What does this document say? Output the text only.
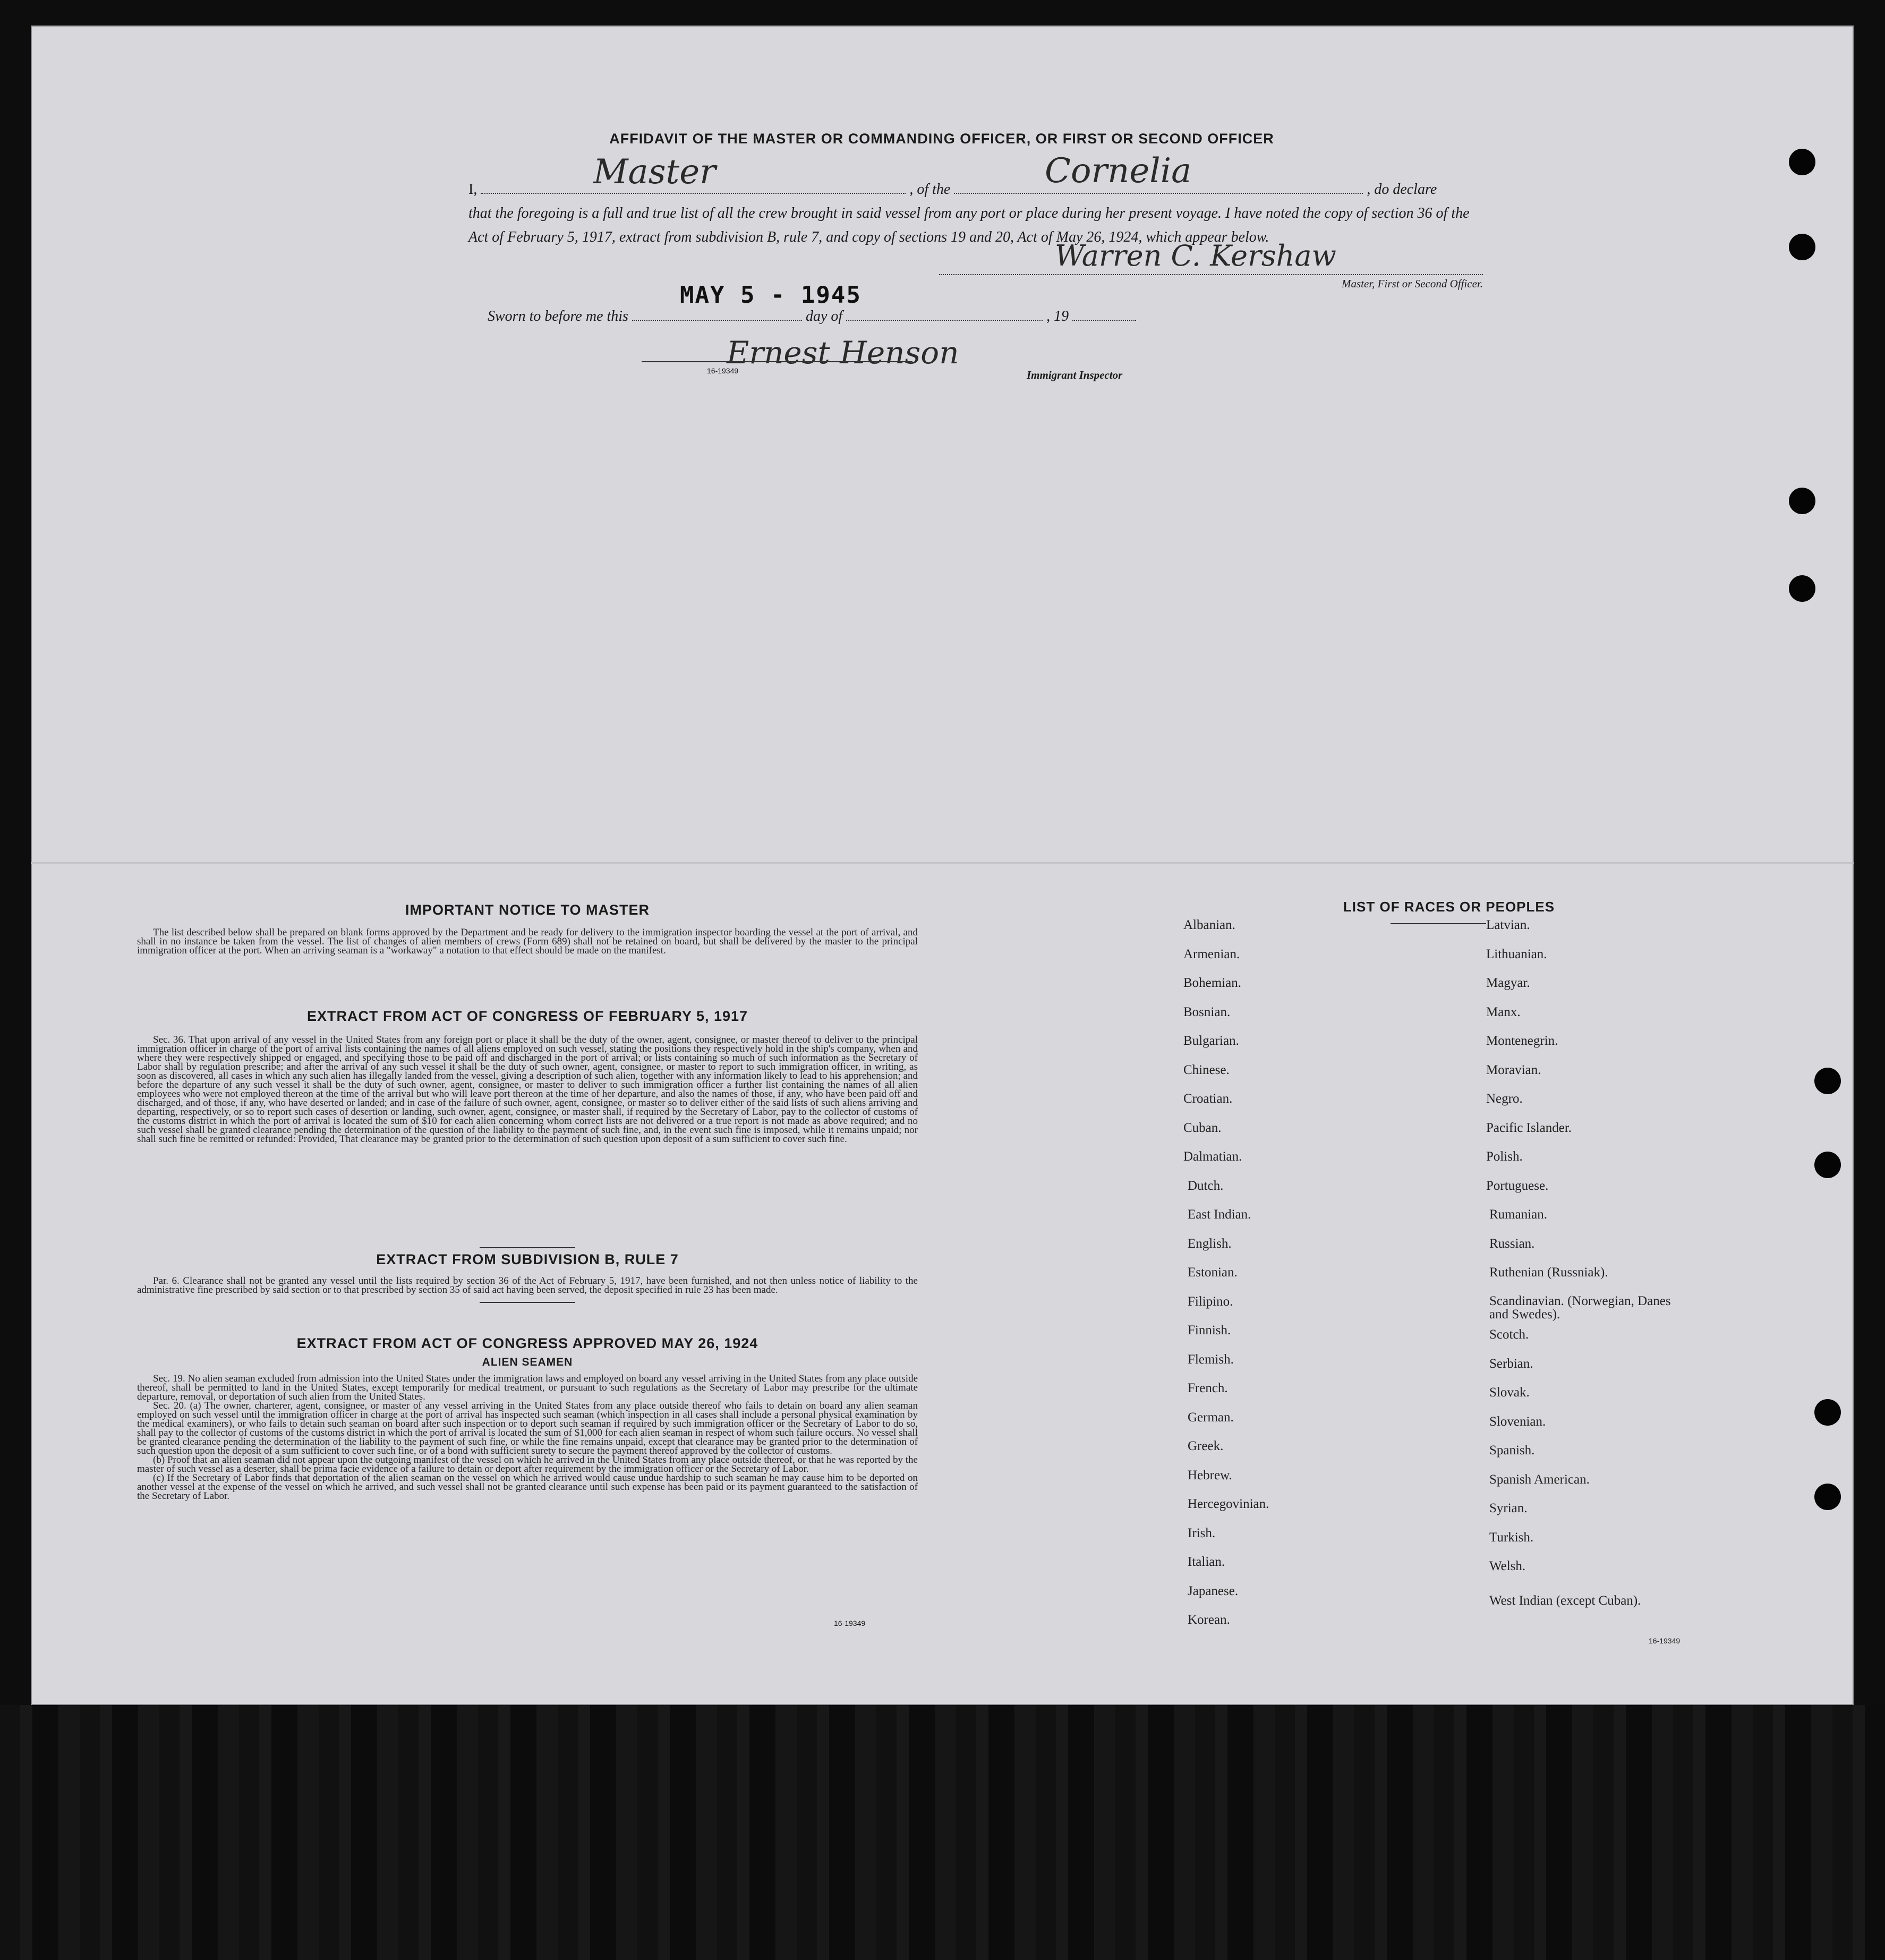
AFFIDAVIT OF THE MASTER OR COMMANDING OFFICER, OR FIRST OR SECOND OFFICER
I,	, of the	, do declare
Master	Cornelia
that the foregoing is a full and true list of all the crew brought in said vessel from any port or place during her present voyage. I have noted the copy of section 36 of the Act of February 5, 1917, extract from subdivision B, rule 7, and copy of sections 19 and 20, Act of May 26, 1924, which appear below.
Warren C. Kershaw
Master, First or Second Officer.
MAY 5 - 1945
Sworn to before me this	day of	, 19
Ernest Henson
16-19349	Immigrant Inspector
IMPORTANT NOTICE TO MASTER
The list described below shall be prepared on blank forms approved by the Department and be ready for delivery to the immigration inspector boarding the vessel at the port of arrival, and shall in no instance be taken from the vessel. The list of changes of alien members of crews (Form 689) shall not be retained on board, but shall be delivered by the master to the principal immigration officer at the port. When an arriving seaman is a "workaway" a notation to that effect should be made on the manifest.
EXTRACT FROM ACT OF CONGRESS OF FEBRUARY 5, 1917
Sec. 36. That upon arrival of any vessel in the United States from any foreign port or place it shall be the duty of the owner, agent, consignee, or master thereof to deliver to the principal immigration officer in charge of the port of arrival lists containing the names of all aliens employed on such vessel, stating the positions they respectively hold in the ship's company, when and where they were respectively shipped or engaged, and specifying those to be paid off and discharged in the port of arrival; or lists containing so much of such information as the Secretary of Labor shall by regulation prescribe; and after the arrival of any such vessel it shall be the duty of such owner, agent, consignee, or master to report to such immigration officer, in writing, as soon as discovered, all cases in which any such alien has illegally landed from the vessel, giving a description of such alien, together with any information likely to lead to his apprehension; and before the departure of any such vessel it shall be the duty of such owner, agent, consignee, or master to deliver to such immigration officer a further list containing the names of all alien employees who were not employed thereon at the time of the arrival but who will leave port thereon at the time of her departure, and also the names of those, if any, who have been paid off and discharged, and of those, if any, who have deserted or landed; and in case of the failure of such owner, agent, consignee, or master so to deliver either of the said lists of such aliens arriving and departing, respectively, or so to report such cases of desertion or landing, such owner, agent, consignee, or master shall, if required by the Secretary of Labor, pay to the collector of customs of the customs district in which the port of arrival is located the sum of $10 for each alien concerning whom correct lists are not delivered or a true report is not made as above required; and no such vessel shall be granted clearance pending the determination of the question of the liability to the payment of such fine, and, in the event such fine is imposed, while it remains unpaid; nor shall such fine be remitted or refunded: Provided, That clearance may be granted prior to the determination of such question upon deposit of a sum sufficient to cover such fine.
EXTRACT FROM SUBDIVISION B, RULE 7
Par. 6. Clearance shall not be granted any vessel until the lists required by section 36 of the Act of February 5, 1917, have been furnished, and not then unless notice of liability to the administrative fine prescribed by said section or to that prescribed by section 35 of said act having been served, the deposit specified in rule 23 has been made.
EXTRACT FROM ACT OF CONGRESS APPROVED MAY 26, 1924
ALIEN SEAMEN
Sec. 19. No alien seaman excluded from admission into the United States under the immigration laws and employed on board any vessel arriving in the United States from any place outside thereof, shall be permitted to land in the United States, except temporarily for medical treatment, or pursuant to such regulations as the Secretary of Labor may prescribe for the ultimate departure, removal, or deportation of such alien from the United States.
Sec. 20. (a) The owner, charterer, agent, consignee, or master of any vessel arriving in the United States from any place outside thereof who fails to detain on board any alien seaman employed on such vessel until the immigration officer in charge at the port of arrival has inspected such seaman (which inspection in all cases shall include a personal physical examination by the medical examiners), or who fails to detain such seaman on board after such inspection or to deport such seaman if required by such immigration officer or the Secretary of Labor to do so, shall pay to the collector of customs of the customs district in which the port of arrival is located the sum of $1,000 for each alien seaman in respect of whom such failure occurs. No vessel shall be granted clearance pending the determination of the liability to the payment of such fine, or while the fine remains unpaid, except that clearance may be granted prior to the determination of such question upon the deposit of a sum sufficient to cover such fine, or of a bond with sufficient surety to secure the payment thereof approved by the collector of customs.
(b) Proof that an alien seaman did not appear upon the outgoing manifest of the vessel on which he arrived in the United States from any place outside thereof, or that he was reported by the master of such vessel as a deserter, shall be prima facie evidence of a failure to detain or deport after requirement by the immigration officer or the Secretary of Labor.
(c) If the Secretary of Labor finds that deportation of the alien seaman on the vessel on which he arrived would cause undue hardship to such seaman he may cause him to be deported on another vessel at the expense of the vessel on which he arrived, and such vessel shall not be granted clearance until such expense has been paid or its payment guaranteed to the satisfaction of the Secretary of Labor.
16-19349
LIST OF RACES OR PEOPLES
16-19349
Albanian.
Armenian.
Bohemian.
Bosnian.
Bulgarian.
Chinese.
Croatian.
Cuban.
Dalmatian.
Dutch.
East Indian.
English.
Estonian.
Filipino.
Finnish.
Flemish.
French.
German.
Greek.
Hebrew.
Hercegovinian.
Irish.
Italian.
Japanese.
Korean.
Latvian.
Lithuanian.
Magyar.
Manx.
Montenegrin.
Moravian.
Negro.
Pacific Islander.
Polish.
Portuguese.
Rumanian.
Russian.
Ruthenian (Russniak).
Scandinavian. (Norwegian, Danes and Swedes).
Scotch.
Serbian.
Slovak.
Slovenian.
Spanish.
Spanish American.
Syrian.
Turkish.
Welsh.
West Indian (except Cuban).
